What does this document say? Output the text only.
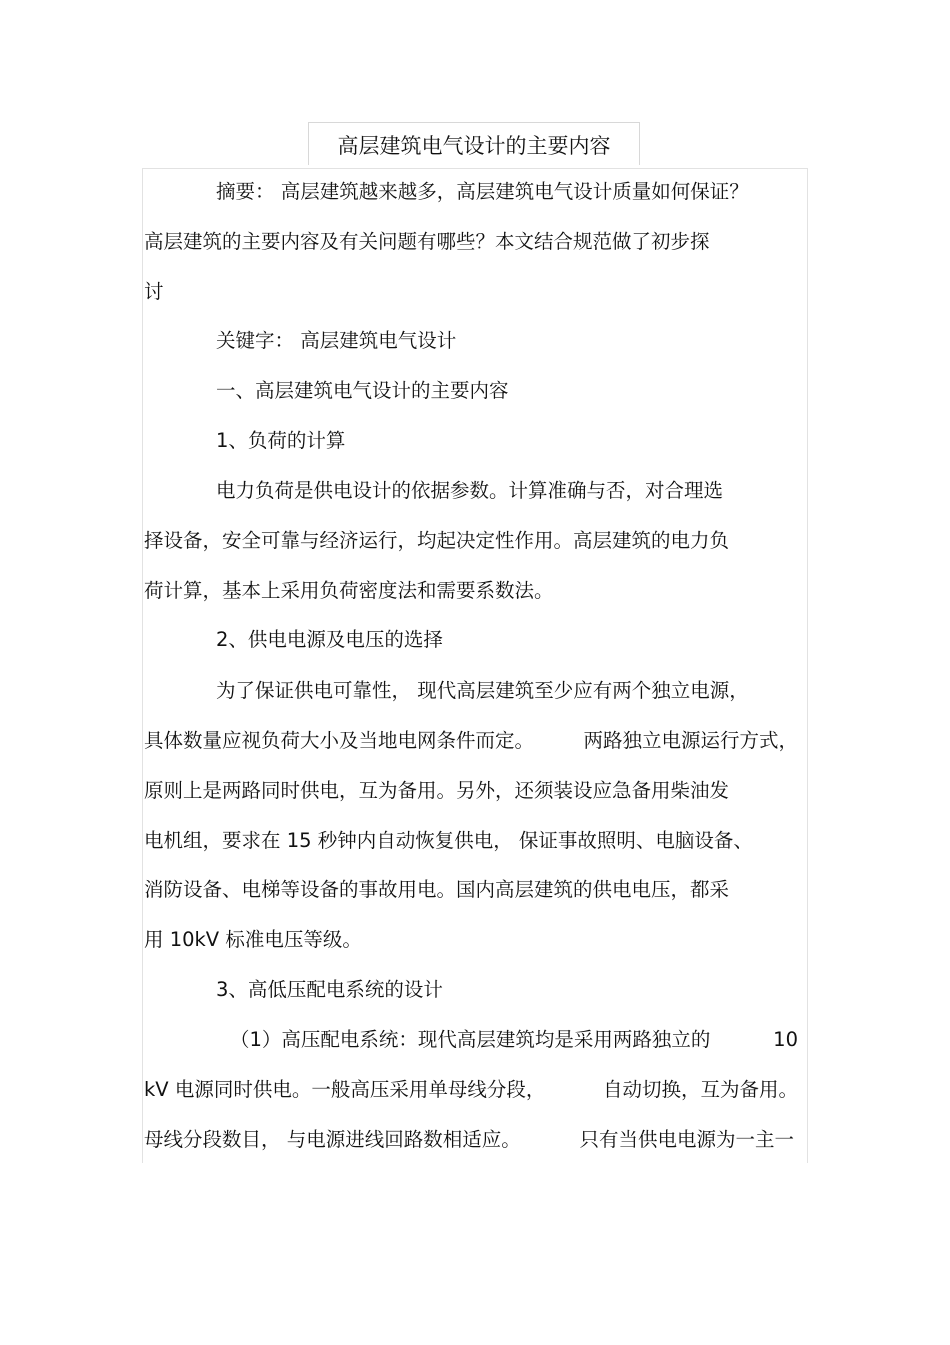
高层建筑电气设计的主要内容
摘要： 高层建筑越来越多，高层建筑电气设计质量如何保证？
高层建筑的主要内容及有关问题有哪些？本文结合规范做了初步探
讨
关键字： 高层建筑电气设计
一、高层建筑电气设计的主要内容
1、负荷的计算
电力负荷是供电设计的依据参数。计算准确与否，对合理选
择设备，安全可靠与经济运行，均起决定性作用。高层建筑的电力负
荷计算，基本上采用负荷密度法和需要系数法。
2、供电电源及电压的选择
为了保证供电可靠性， 现代高层建筑至少应有两个独立电源，
具体数量应视负荷大小及当地电网条件而定。	两路独立电源运行方式，
原则上是两路同时供电，互为备用。另外，还须装设应急备用柴油发
电机组，要求在 15 秒钟内自动恢复供电， 保证事故照明、电脑设备、
消防设备、电梯等设备的事故用电。国内高层建筑的供电电压，都采
用 10kV 标准电压等级。
3、高低压配电系统的设计
（1）高压配电系统：现代高层建筑均是采用两路独立的	10
kV 电源同时供电。一般高压采用单母线分段，	自动切换，互为备用。
母线分段数目， 与电源进线回路数相适应。	只有当供电电源为一主一
